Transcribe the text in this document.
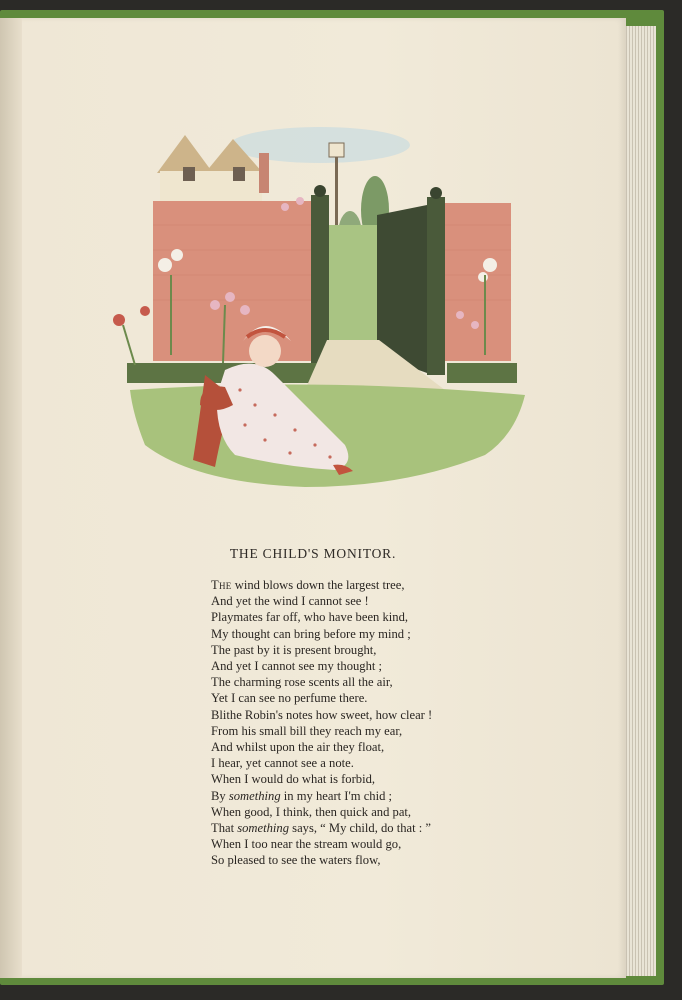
THE CHILD'S MONITOR.
The wind blows down the largest tree,
And yet the wind I cannot see !
Playmates far off, who have been kind,
My thought can bring before my mind ;
The past by it is present brought,
And yet I cannot see my thought ;
The charming rose scents all the air,
Yet I can see no perfume there.
Blithe Robin's notes how sweet, how clear !
From his small bill they reach my ear,
And whilst upon the air they float,
I hear, yet cannot see a note.
When I would do what is forbid,
By something in my heart I'm chid ;
When good, I think, then quick and pat,
That something says, “ My child, do that : ”
When I too near the stream would go,
So pleased to see the waters flow,
